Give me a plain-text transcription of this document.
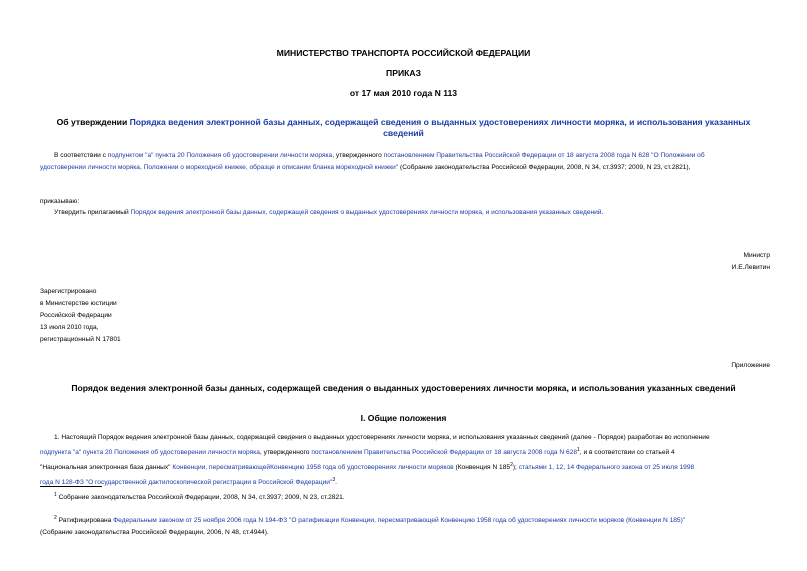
МИНИСТЕРСТВО ТРАНСПОРТА РОССИЙСКОЙ ФЕДЕРАЦИИ
ПРИКАЗ
от 17 мая 2010 года N 113
Об утверждении Порядка ведения электронной базы данных, содержащей сведения о выданных удостоверениях личности моряка, и использования указанных
сведений
В соответствии с подпунктом "а" пункта 20 Положения об удостоверении личности моряка, утвержденного постановлением Правительства Российской Федерации от 18 августа 2008 года N 628 "О Положении об
удостоверении личности моряка, Положении о мореходной книжке, образце и описании бланка мореходной книжки" (Собрание законодательства Российской Федерации, 2008, N 34, ст.3937; 2009, N 23, ст.2821),
приказываю:
Утвердить прилагаемый Порядок ведения электронной базы данных, содержащей сведения о выданных удостоверениях личности моряка, и использования указанных сведений.
Министр
И.Е.Левитин
Зарегистрировано
в Министерстве юстиции
Российской Федерации
13 июля 2010 года,
регистрационный N 17801
Приложение
Порядок ведения электронной базы данных, содержащей сведения о выданных удостоверениях личности моряка, и использования указанных сведений
I. Общие положения
1. Настоящий Порядок ведения электронной базы данных, содержащей сведения о выданных удостоверениях личности моряка, и использования указанных сведений (далее - Порядок) разработан во исполнение
подпункта "а" пункта 20 Положения об удостоверении личности моряка, утвержденного постановлением Правительства Российской Федерации от 18 августа 2008 года N $628^1$, и в соответствии со статьей 4
"Национальная электронная база данных" Конвенции, пересматривающейКонвенцию 1958 года об удостоверениях личности моряков (Конвенция N $185^2$); статьями 1, 12, 14 Федерального закона от 25 июля 1998
года N 128-ФЗ "О государственной дактилоскопической регистрации в Российской Федерации"$^3$.
$^1$ Собрание законодательства Российской Федерации, 2008, N 34, ст.3937; 2009, N 23, ст.2821.
$^2$ Ратифицирована Федеральным законом от 25 ноября 2006 года N 194-ФЗ "О ратификации Конвенции, пересматривающей Конвенцию 1958 года об удостоверениях личности моряков (Конвенции N 185)"
(Собрание законодательства Российской Федерации, 2006, N 48, ст.4944).
